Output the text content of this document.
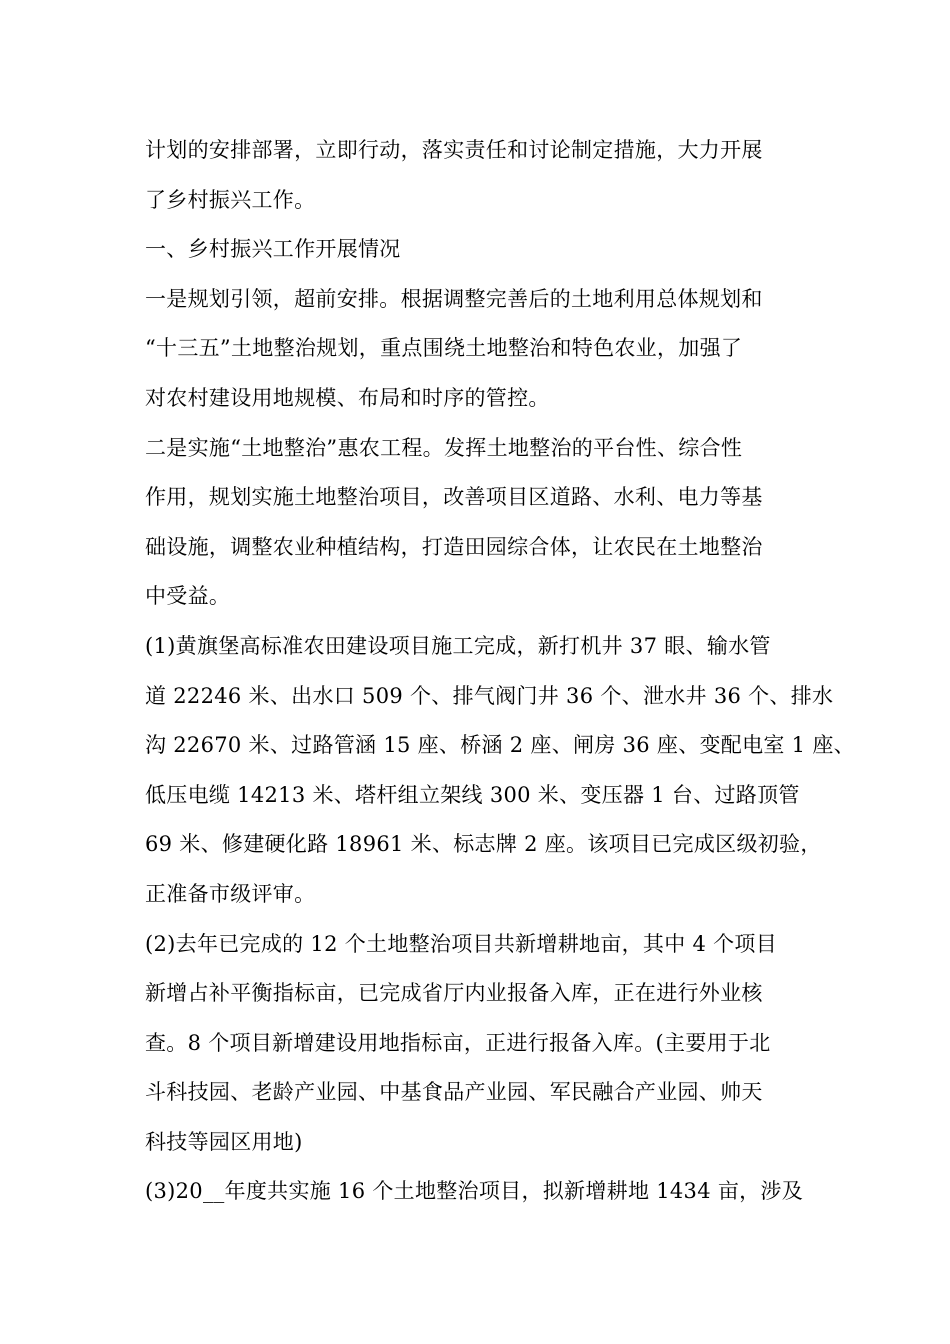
计划的安排部署，立即行动，落实责任和讨论制定措施，大力开展
了乡村振兴工作。
一、乡村振兴工作开展情况
一是规划引领，超前安排。根据调整完善后的土地利用总体规划和
“十三五”土地整治规划，重点围绕土地整治和特色农业，加强了
对农村建设用地规模、布局和时序的管控。
二是实施“土地整治”惠农工程。发挥土地整治的平台性、综合性
作用，规划实施土地整治项目，改善项目区道路、水利、电力等基
础设施，调整农业种植结构，打造田园综合体，让农民在土地整治
中受益。
(1)黄旗堡高标准农田建设项目施工完成，新打机井 37 眼、输水管
道 22246 米、出水口 509 个、排气阀门井 36 个、泄水井 36 个、排水
沟 22670 米、过路管涵 15 座、桥涵 2 座、闸房 36 座、变配电室 1 座、
低压电缆 14213 米、塔杆组立架线 300 米、变压器 1 台、过路顶管
69 米、修建硬化路 18961 米、标志牌 2 座。该项目已完成区级初验，
正准备市级评审。
(2)去年已完成的 12 个土地整治项目共新增耕地亩，其中 4 个项目
新增占补平衡指标亩，已完成省厅内业报备入库，正在进行外业核
查。8 个项目新增建设用地指标亩，正进行报备入库。(主要用于北
斗科技园、老龄产业园、中基食品产业园、军民融合产业园、帅天
科技等园区用地)
(3)20__年度共实施 16 个土地整治项目，拟新增耕地 1434 亩，涉及
